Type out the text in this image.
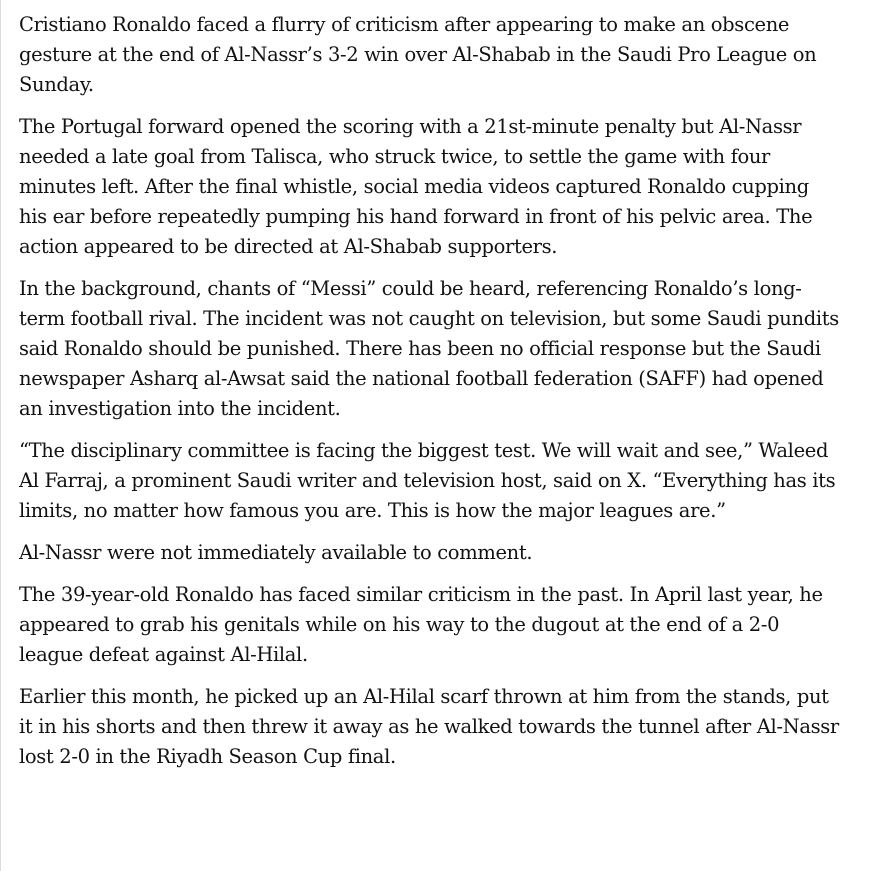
Cristiano Ronaldo faced a flurry of criticism after appearing to make an obscene gesture at the end of Al-Nassr’s 3-2 win over Al-Shabab in the Saudi Pro League on Sunday.

The Portugal forward opened the scoring with a 21st-minute penalty but Al-Nassr needed a late goal from Talisca, who struck twice, to settle the game with four minutes left. After the final whistle, social media videos captured Ronaldo cupping his ear before repeatedly pumping his hand forward in front of his pelvic area. The action appeared to be directed at Al-Shabab supporters.

In the background, chants of “Messi” could be heard, referencing Ronaldo’s long-term football rival. The incident was not caught on television, but some Saudi pundits said Ronaldo should be punished. There has been no official response but the Saudi newspaper Asharq al-Awsat said the national football federation (SAFF) had opened an investigation into the incident.

“The disciplinary committee is facing the biggest test. We will wait and see,” Waleed Al Farraj, a prominent Saudi writer and television host, said on X. “Everything has its limits, no matter how famous you are. This is how the major leagues are.”

Al-Nassr were not immediately available to comment.

The 39-year-old Ronaldo has faced similar criticism in the past. In April last year, he appeared to grab his genitals while on his way to the dugout at the end of a 2-0 league defeat against Al-Hilal.

Earlier this month, he picked up an Al-Hilal scarf thrown at him from the stands, put it in his shorts and then threw it away as he walked towards the tunnel after Al-Nassr lost 2-0 in the Riyadh Season Cup final.
